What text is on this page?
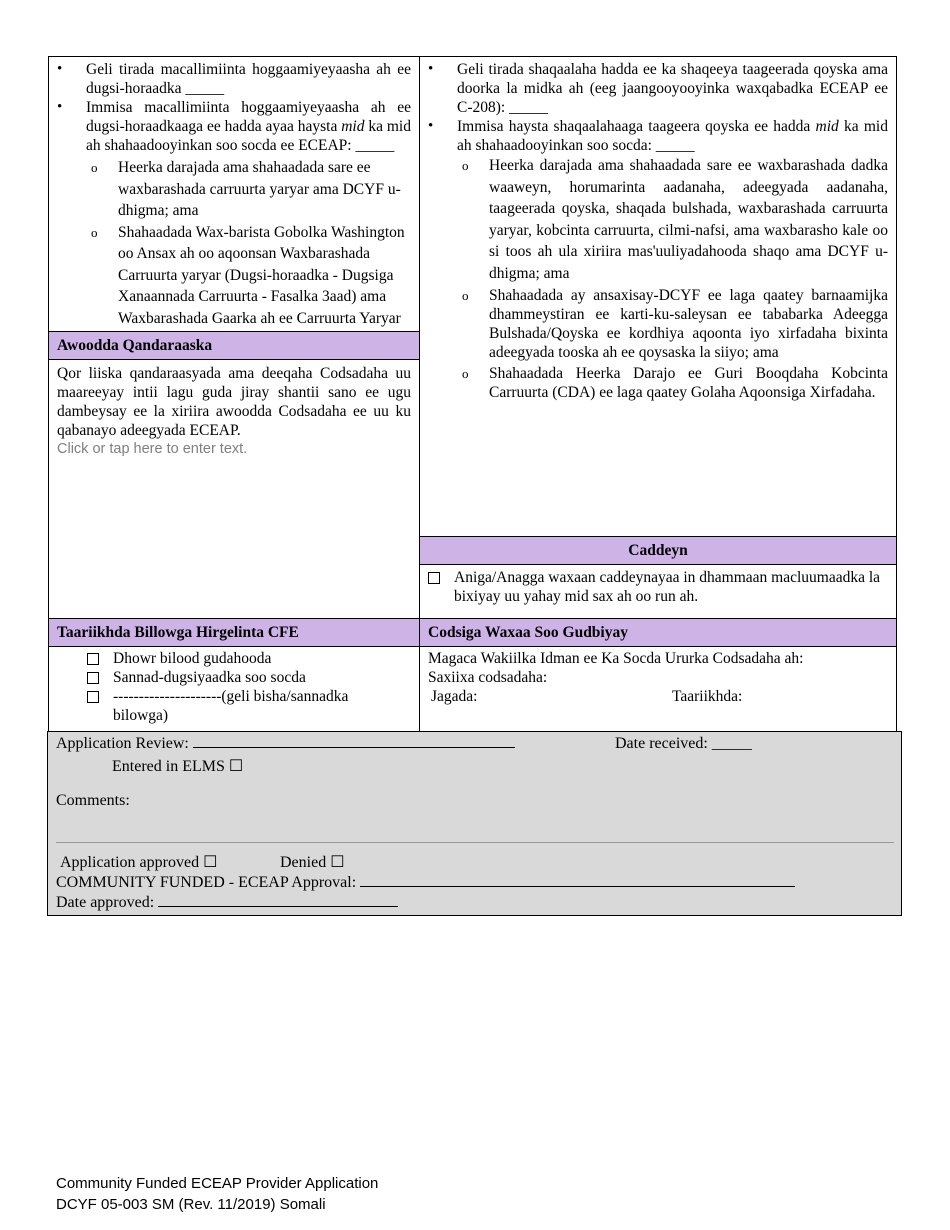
• Geli tirada macallimiinta hoggaamiyeyaasha ah ee dugsi-horaadka _____
• Immisa macallimiinta hoggaamiyeyaasha ah ee dugsi-horaadkaaga ee hadda ayaa haysta mid ka mid ah shahaadooyinkan soo socda ee ECEAP: _____
o Heerka darajada ama shahaadada sare ee waxbarashada carruurta yaryar ama DCYF u-dhigma; ama
o Shahaadada Wax-barista Gobolka Washington oo Ansax ah oo aqoonsan Waxbarashada Carruurta yaryar (Dugsi-horaadka - Dugsiga Xanaannada Carruurta - Fasalka 3aad) ama Waxbarashada Gaarka ah ee Carruurta Yaryar
Awoodda Qandaraaska
Qor liiska qandaraasyada ama deeqaha Codsadaha uu maareeyay intii lagu guda jiray shantii sano ee ugu dambeysay ee la xiriira awoodda Codsadaha ee uu ku qabanayo adeegyada ECEAP.
Click or tap here to enter text.
• Geli tirada shaqaalaha hadda ee ka shaqeeya taageerada qoyska ama doorka la midka ah (eeg jaangooyooyinka waxqabadka ECEAP ee C-208): _____
• Immisa haysta shaqaalahaaga taageera qoyska ee hadda mid ka mid ah shahaadooyinkan soo socda: _____
o Heerka darajada ama shahaadada sare ee waxbarashada dadka waaweyn, horumarinta aadanaha, adeegyada aadanaha, taageerada qoyska, shaqada bulshada, waxbarashada carruurta yaryar, kobcinta carruurta, cilmi-nafsi, ama waxbarasho kale oo si toos ah ula xiriira mas'uuliyadahooda shaqo ama DCYF u-dhigma; ama
o Shahaadada ay ansaxisay-DCYF ee laga qaatey barnaamijka dhammeystiran ee karti-ku-saleysan ee tababarka Adeegga Bulshada/Qoyska ee kordhiya aqoonta iyo xirfadaha bixinta adeegyada tooska ah ee qoysaska la siiyo; ama
o Shahaadada Heerka Darajo ee Guri Booqdaha Kobcinta Carruurta (CDA) ee laga qaatey Golaha Aqoonsiga Xirfadaha.
Caddeyn
Aniga/Anagga waxaan caddeynayaa in dhammaan macluumaadka la bixiyay uu yahay mid sax ah oo run ah.
Taariikhda Billowga Hirgelinta CFE	Codsiga Waxaa Soo Gudbiyay
Dhowr bilood gudahooda
Sannad-dugsiyaadka soo socda
---------------------(geli bisha/sannadka bilowga)
Magaca Wakiilka Idman ee Ka Socda Ururka Codsadaha ah:
Saxiixa codsadaha:
Jagada:	Taariikhda:
Application Review:	Date received: _____
Entered in ELMS ☐
Comments:
Application approved ☐	Denied ☐
COMMUNITY FUNDED - ECEAP Approval:
Date approved:
Community Funded ECEAP Provider Application
DCYF 05-003 SM (Rev. 11/2019) Somali
